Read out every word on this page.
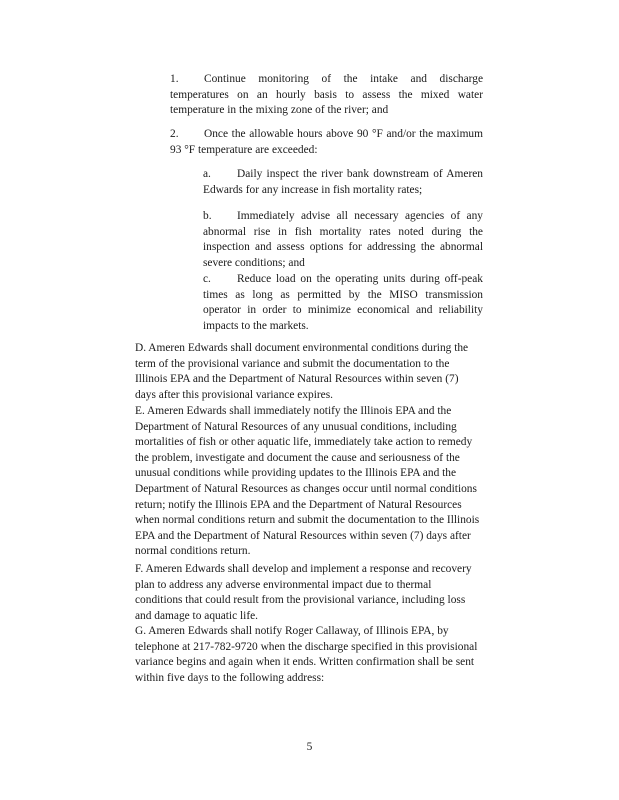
1. Continue monitoring of the intake and discharge temperatures on an hourly basis to assess the mixed water temperature in the mixing zone of the river; and

2. Once the allowable hours above 90 °F and/or the maximum 93 °F temperature are exceeded:

a. Daily inspect the river bank downstream of Ameren Edwards for any increase in fish mortality rates;

b. Immediately advise all necessary agencies of any abnormal rise in fish mortality rates noted during the inspection and assess options for addressing the abnormal severe conditions; and

c. Reduce load on the operating units during off-peak times as long as permitted by the MISO transmission operator in order to minimize economical and reliability impacts to the markets.

D. Ameren Edwards shall document environmental conditions during the term of the provisional variance and submit the documentation to the Illinois EPA and the Department of Natural Resources within seven (7) days after this provisional variance expires.

E. Ameren Edwards shall immediately notify the Illinois EPA and the Department of Natural Resources of any unusual conditions, including mortalities of fish or other aquatic life, immediately take action to remedy the problem, investigate and document the cause and seriousness of the unusual conditions while providing updates to the Illinois EPA and the Department of Natural Resources as changes occur until normal conditions return; notify the Illinois EPA and the Department of Natural Resources when normal conditions return and submit the documentation to the Illinois EPA and the Department of Natural Resources within seven (7) days after normal conditions return.

F. Ameren Edwards shall develop and implement a response and recovery plan to address any adverse environmental impact due to thermal conditions that could result from the provisional variance, including loss and damage to aquatic life.

G. Ameren Edwards shall notify Roger Callaway, of Illinois EPA, by telephone at 217-782-9720 when the discharge specified in this provisional variance begins and again when it ends. Written confirmation shall be sent within five days to the following address:

5
